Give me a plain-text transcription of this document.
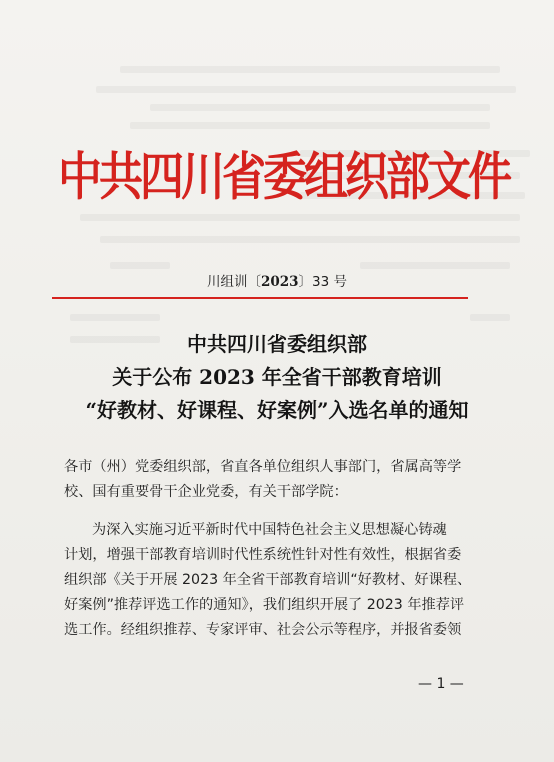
中共四川省委组织部文件
川组训〔2023〕33 号
中共四川省委组织部
关于公布 2023 年全省干部教育培训
“好教材、好课程、好案例”入选名单的通知
各市（州）党委组织部，省直各单位组织人事部门，省属高等学
校、国有重要骨干企业党委，有关干部学院：
为深入实施习近平新时代中国特色社会主义思想凝心铸魂
计划，增强干部教育培训时代性系统性针对性有效性，根据省委
组织部《关于开展 2023 年全省干部教育培训“好教材、好课程、
好案例”推荐评选工作的通知》，我们组织开展了 2023 年推荐评
选工作。经组织推荐、专家评审、社会公示等程序，并报省委领
— 1 —
